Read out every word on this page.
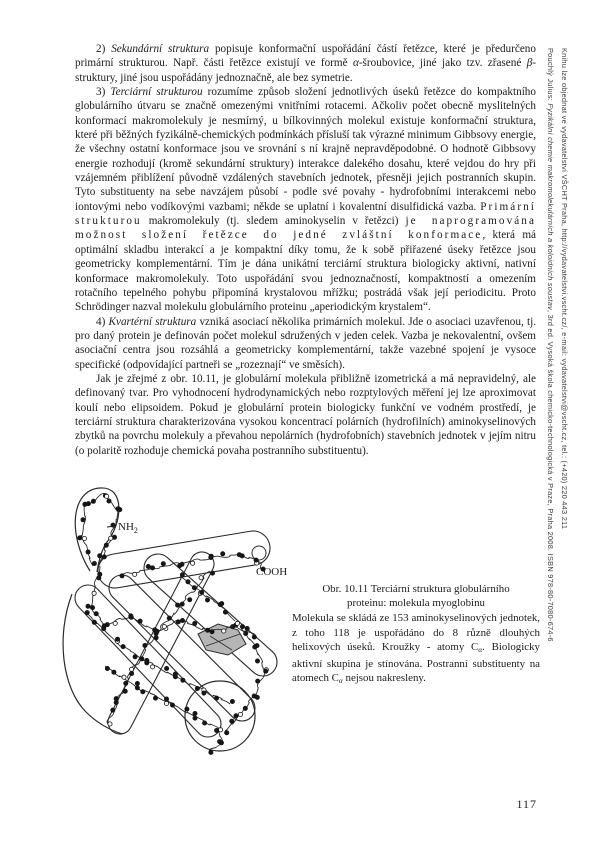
2) Sekundární struktura popisuje konformační uspořádání částí řetězce, které je předurčeno primární strukturou. Např. části řetězce existují ve formě α-šroubovice, jiné jako tzv. zřasené β-struktury, jiné jsou uspořádány jednoznačně, ale bez symetrie.

3) Terciární strukturou rozumíme způsob složení jednotlivých úseků řetězce do kompaktního globulárního útvaru se značně omezenými vnitřními rotacemi. Ačkoliv počet obecně myslitelných konformací makromolekuly je nesmírný, u bílkovinných molekul existuje konformační struktura, které při běžných fyzikálně-chemických podmínkách přísluší tak výrazné minimum Gibbsovy energie, že všechny ostatní konformace jsou ve srovnání s ní krajně nepravděpodobné. O hodnotě Gibbsovy energie rozhodují (kromě sekundární struktury) interakce dalekého dosahu, které vejdou do hry při vzájemném přiblížení původně vzdálených stavebních jednotek, přesněji jejich postranních skupin. Tyto substituenty na sebe navzájem působí - podle své povahy - hydrofobními interakcemi nebo iontovými nebo vodíkovými vazbami; někde se uplatní i kovalentní disulfidická vazba. Primární strukturou makromolekuly (tj. sledem aminokyselin v řetězci) je naprogramována možnost složení řetězce do jedné zvláštní konformace, která má optimální skladbu interakcí a je kompaktní díky tomu, že k sobě přiřazené úseky řetězce jsou geometricky komplementární. Tím je dána unikátní terciární struktura biologicky aktivní, nativní konformace makromolekuly. Toto uspořádání svou jednoznačností, kompaktností a omezením rotačního tepelného pohybu připomíná krystalovou mřížku; postrádá však její periodicitu. Proto Schrödinger nazval molekulu globulárního proteinu „aperiodickým krystalem“.

4) Kvartérní struktura vzniká asociací několika primárních molekul. Jde o asociaci uzavřenou, tj. pro daný protein je definován počet molekul sdružených v jeden celek. Vazba je nekovalentní, ovšem asociační centra jsou rozsáhlá a geometricky komplementární, takže vazebné spojení je vysoce specifické (odpovídající partneři se „rozeznají“ ve směsích).

Jak je zřejmé z obr. 10.11, je globulární molekula přibližně izometrická a má nepravidelný, ale definovaný tvar. Pro vyhodnocení hydrodynamických nebo rozptylových měření jej lze aproximovat koulí nebo elipsoidem. Pokud je globulární protein biologicky funkční ve vodném prostředí, je terciární struktura charakterizována vysokou koncentrací polárních (hydrofilních) aminokyselinových zbytků na povrchu molekuly a převahou nepolárních (hydrofobních) stavebních jednotek v jejím nitru (o polaritě rozhoduje chemická povaha postranního substituentu).

$NH_2$
COOH
Obr. 10.11 Terciární struktura globulárního
proteinu: molekula myoglobinu
Molekula se skládá ze 153 aminokyselinových jednotek, z toho 118 je uspořádáno do 8 různě dlouhých helixových úseků. Kroužky - atomy Cα. Biologicky aktivní skupina je stínována. Postranní substituenty na atomech Cα nejsou nakresleny.
117
Pouchlý Julius: Fyzikální chemie makromolekulárních a koloidních soustav, 3rd ed. Vysoká škola chemicko-technologická v Praze, Praha 2008. ISBN 978-80-7080-674-6 Knihu lze objednat ve vydavatelství VŠCHT Praha, http://vydavatelstvi.vscht.cz/, e-mail: vydavatelstvi@vscht.cz, tel.: (+420) 220 443 211
